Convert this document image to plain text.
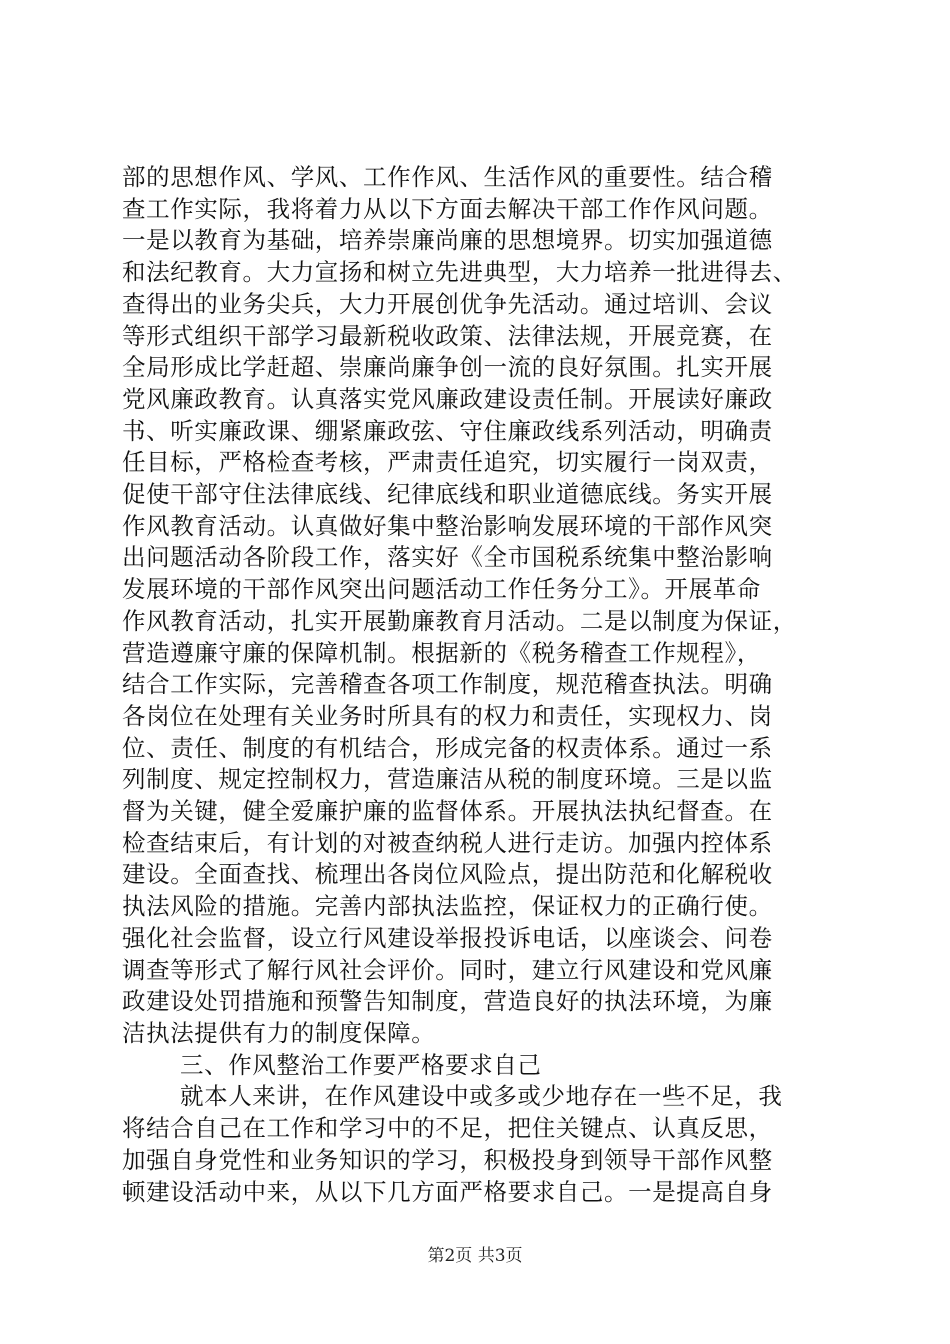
部的思想作风、学风、工作作风、生活作风的重要性。结合稽
查工作实际，我将着力从以下方面去解决干部工作作风问题。
一是以教育为基础，培养崇廉尚廉的思想境界。切实加强道德
和法纪教育。大力宣扬和树立先进典型，大力培养一批进得去、
查得出的业务尖兵，大力开展创优争先活动。通过培训、会议
等形式组织干部学习最新税收政策、法律法规，开展竞赛，在
全局形成比学赶超、崇廉尚廉争创一流的良好氛围。扎实开展
党风廉政教育。认真落实党风廉政建设责任制。开展读好廉政
书、听实廉政课、绷紧廉政弦、守住廉政线系列活动，明确责
任目标，严格检查考核，严肃责任追究，切实履行一岗双责，
促使干部守住法律底线、纪律底线和职业道德底线。务实开展
作风教育活动。认真做好集中整治影响发展环境的干部作风突
出问题活动各阶段工作，落实好《全市国税系统集中整治影响
发展环境的干部作风突出问题活动工作任务分工》。开展革命
作风教育活动，扎实开展勤廉教育月活动。二是以制度为保证，
营造遵廉守廉的保障机制。根据新的《税务稽查工作规程》，
结合工作实际，完善稽查各项工作制度，规范稽查执法。明确
各岗位在处理有关业务时所具有的权力和责任，实现权力、岗
位、责任、制度的有机结合，形成完备的权责体系。通过一系
列制度、规定控制权力，营造廉洁从税的制度环境。三是以监
督为关键，健全爱廉护廉的监督体系。开展执法执纪督查。在
检查结束后，有计划的对被查纳税人进行走访。加强内控体系
建设。全面查找、梳理出各岗位风险点，提出防范和化解税收
执法风险的措施。完善内部执法监控，保证权力的正确行使。
强化社会监督，设立行风建设举报投诉电话，以座谈会、问卷
调查等形式了解行风社会评价。同时，建立行风建设和党风廉
政建设处罚措施和预警告知制度，营造良好的执法环境，为廉
洁执法提供有力的制度保障。
三、作风整治工作要严格要求自己
就本人来讲，在作风建设中或多或少地存在一些不足，我
将结合自己在工作和学习中的不足，把住关键点、认真反思，
加强自身党性和业务知识的学习，积极投身到领导干部作风整
顿建设活动中来，从以下几方面严格要求自己。一是提高自身
第2页 共3页
